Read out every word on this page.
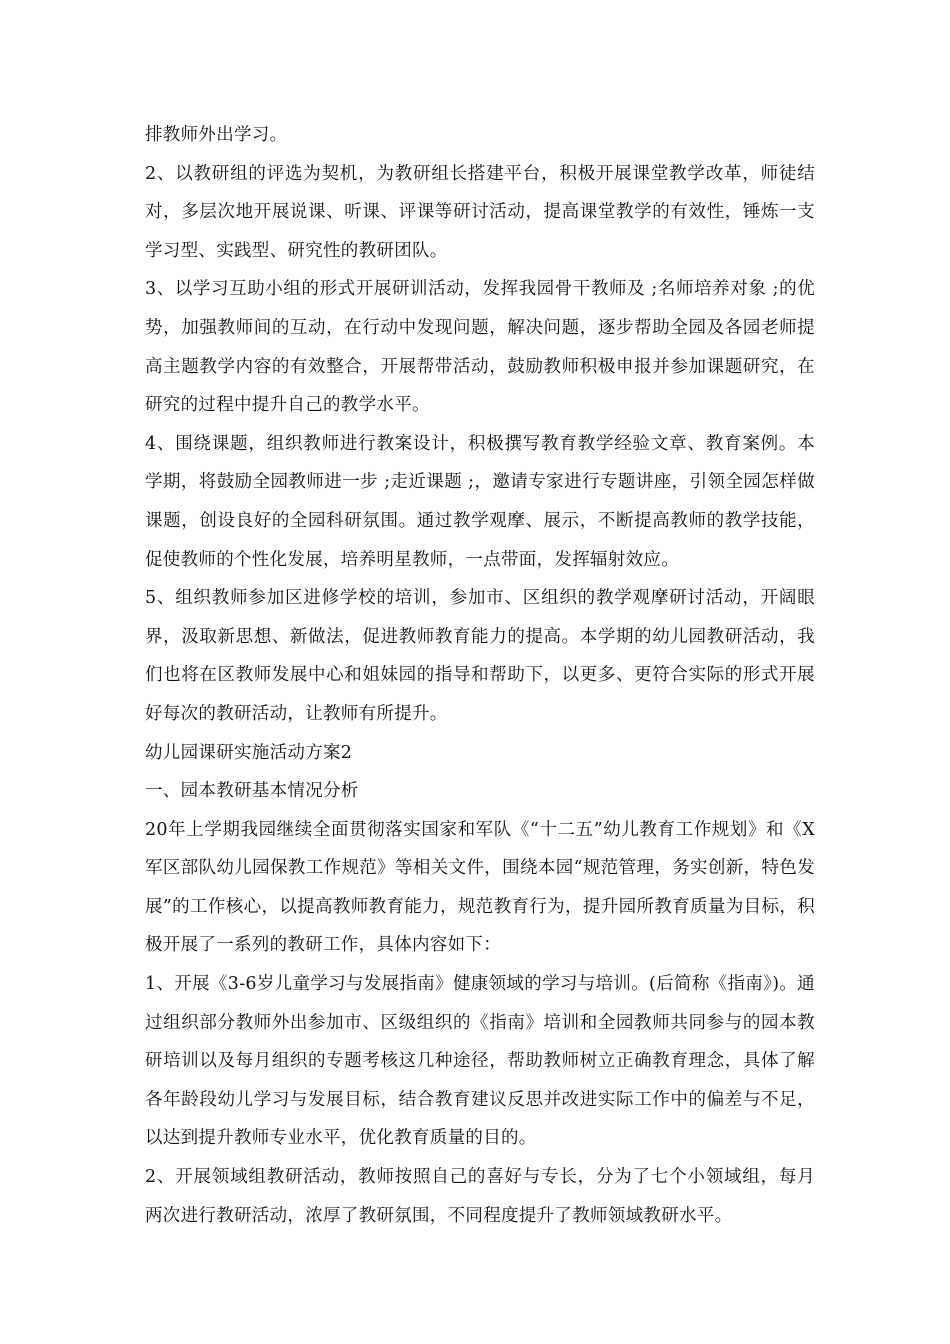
排教师外出学习。

2、以教研组的评选为契机，为教研组长搭建平台，积极开展课堂教学改革，师徒结对，多层次地开展说课、听课、评课等研讨活动，提高课堂教学的有效性，锤炼一支学习型、实践型、研究性的教研团队。

3、以学习互助小组的形式开展研训活动，发挥我园骨干教师及 ;名师培养对象 ;的优势，加强教师间的互动，在行动中发现问题，解决问题，逐步帮助全园及各园老师提高主题教学内容的有效整合，开展帮带活动，鼓励教师积极申报并参加课题研究，在研究的过程中提升自己的教学水平。

4、围绕课题，组织教师进行教案设计，积极撰写教育教学经验文章、教育案例。本学期，将鼓励全园教师进一步 ;走近课题 ;，邀请专家进行专题讲座，引领全园怎样做课题，创设良好的全园科研氛围。通过教学观摩、展示，不断提高教师的教学技能，促使教师的个性化发展，培养明星教师，一点带面，发挥辐射效应。

5、组织教师参加区进修学校的培训，参加市、区组织的教学观摩研讨活动，开阔眼界，汲取新思想、新做法，促进教师教育能力的提高。本学期的幼儿园教研活动，我们也将在区教师发展中心和姐妹园的指导和帮助下，以更多、更符合实际的形式开展好每次的教研活动，让教师有所提升。

幼儿园课研实施活动方案2

一、园本教研基本情况分析

20年上学期我园继续全面贯彻落实国家和军队《“十二五”幼儿教育工作规划》和《X军区部队幼儿园保教工作规范》等相关文件，围绕本园“规范管理，务实创新，特色发展”的工作核心，以提高教师教育能力，规范教育行为，提升园所教育质量为目标，积极开展了一系列的教研工作，具体内容如下：

1、开展《3-6岁儿童学习与发展指南》健康领域的学习与培训。(后简称《指南》)。通过组织部分教师外出参加市、区级组织的《指南》培训和全园教师共同参与的园本教研培训以及每月组织的专题考核这几种途径，帮助教师树立正确教育理念，具体了解各年龄段幼儿学习与发展目标，结合教育建议反思并改进实际工作中的偏差与不足，以达到提升教师专业水平，优化教育质量的目的。

2、开展领域组教研活动，教师按照自己的喜好与专长，分为了七个小领域组，每月两次进行教研活动，浓厚了教研氛围，不同程度提升了教师领域教研水平。
